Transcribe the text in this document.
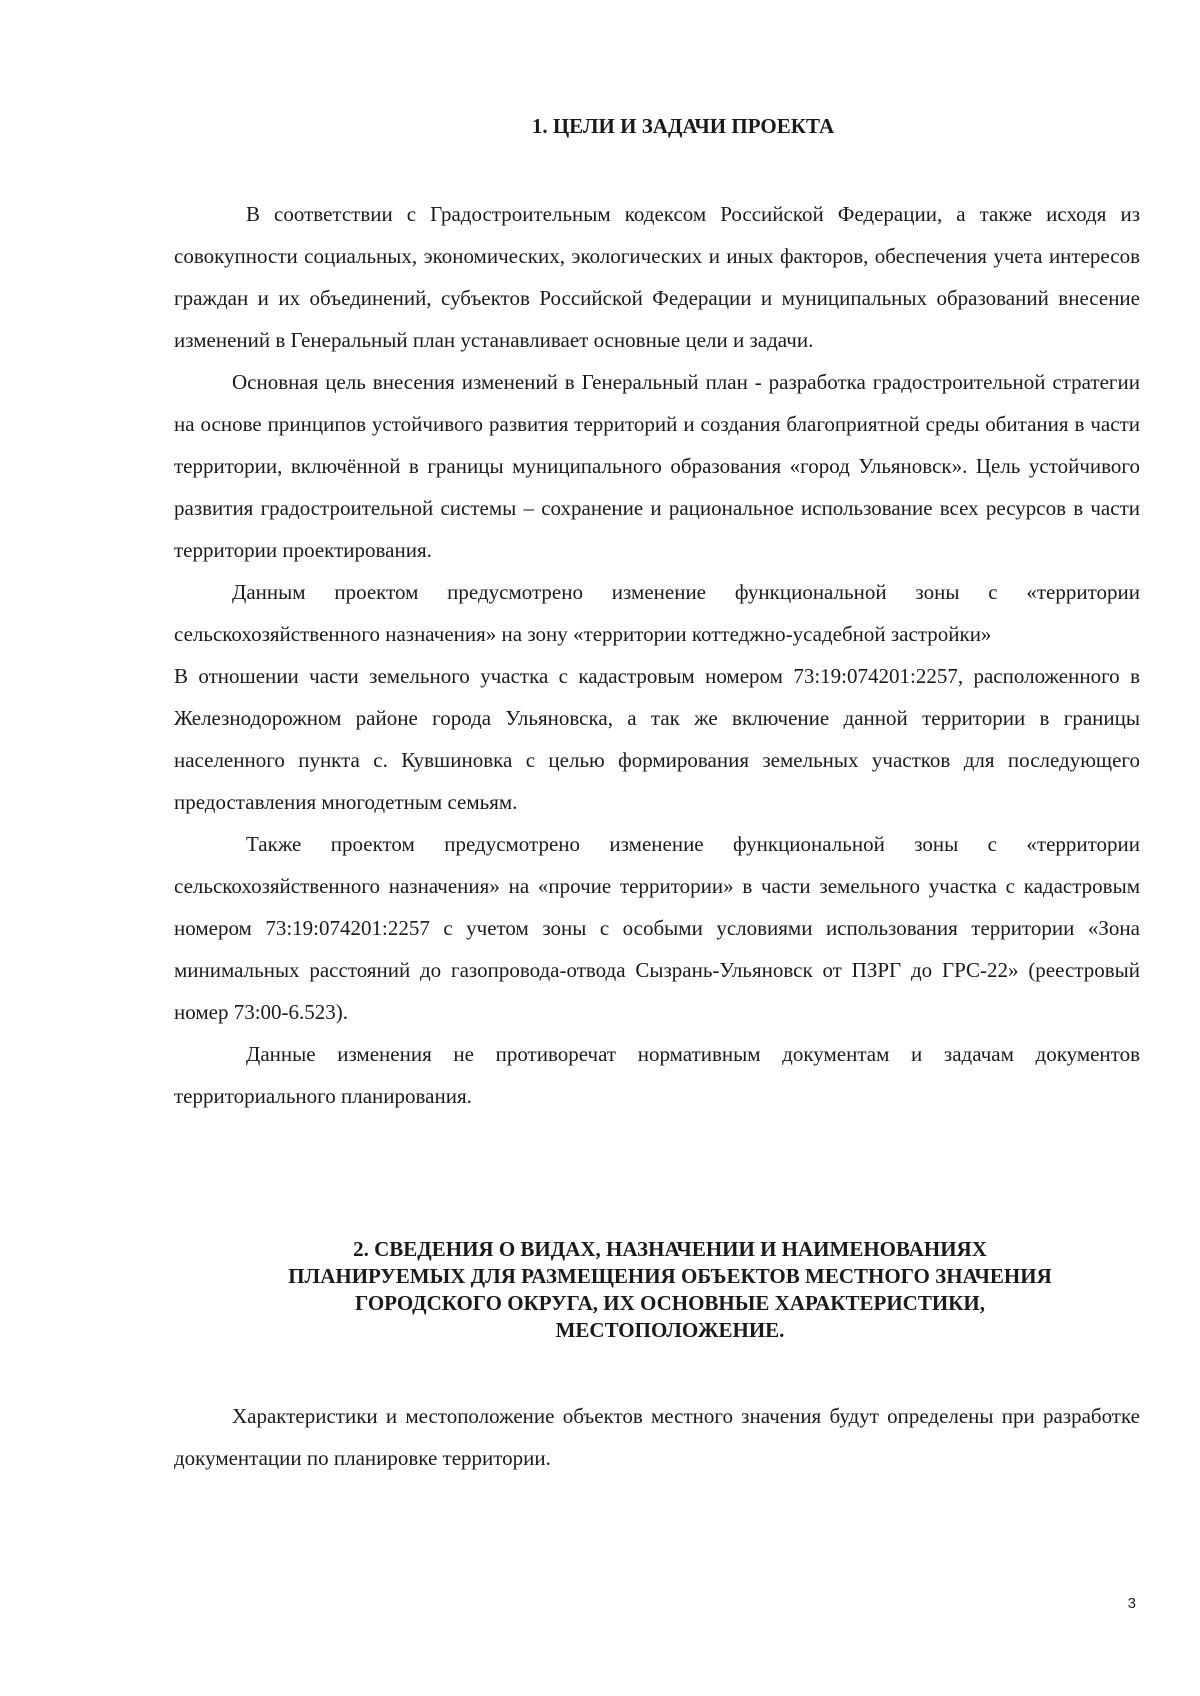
1. ЦЕЛИ И ЗАДАЧИ ПРОЕКТА

В соответствии с Градостроительным кодексом Российской Федерации, а также исходя из совокупности социальных, экономических, экологических и иных факторов, обеспечения учета интересов граждан и их объединений, субъектов Российской Федерации и муниципальных образований внесение изменений в Генеральный план устанавливает основные цели и задачи.

Основная цель внесения изменений в Генеральный план - разработка градостроительной стратегии на основе принципов устойчивого развития территорий и создания благоприятной среды обитания в части территории, включённой в границы муниципального образования «город Ульяновск». Цель устойчивого развития градостроительной системы – сохранение и рациональное использование всех ресурсов в части территории проектирования.

Данным проектом предусмотрено изменение функциональной зоны с «территории сельскохозяйственного назначения» на зону «территории коттеджно-усадебной застройки»

В отношении части земельного участка с кадастровым номером 73:19:074201:2257, расположенного в Железнодорожном районе города Ульяновска, а так же включение данной территории в границы населенного пункта с. Кувшиновка с целью формирования земельных участков для последующего предоставления многодетным семьям.

Также проектом предусмотрено изменение функциональной зоны с «территории сельскохозяйственного назначения» на «прочие территории» в части земельного участка с кадастровым номером 73:19:074201:2257 с учетом зоны с особыми условиями использования территории «Зона минимальных расстояний до газопровода-отвода Сызрань-Ульяновск от ПЗРГ до ГРС-22» (реестровый номер 73:00-6.523).

Данные изменения не противоречат нормативным документам и задачам документов территориального планирования.

2. СВЕДЕНИЯ О ВИДАХ, НАЗНАЧЕНИИ И НАИМЕНОВАНИЯХ
ПЛАНИРУЕМЫХ ДЛЯ РАЗМЕЩЕНИЯ ОБЪЕКТОВ МЕСТНОГО ЗНАЧЕНИЯ
ГОРОДСКОГО ОКРУГА, ИХ ОСНОВНЫЕ ХАРАКТЕРИСТИКИ,
МЕСТОПОЛОЖЕНИЕ.

Характеристики и местоположение объектов местного значения будут определены при разработке документации по планировке территории.

3
